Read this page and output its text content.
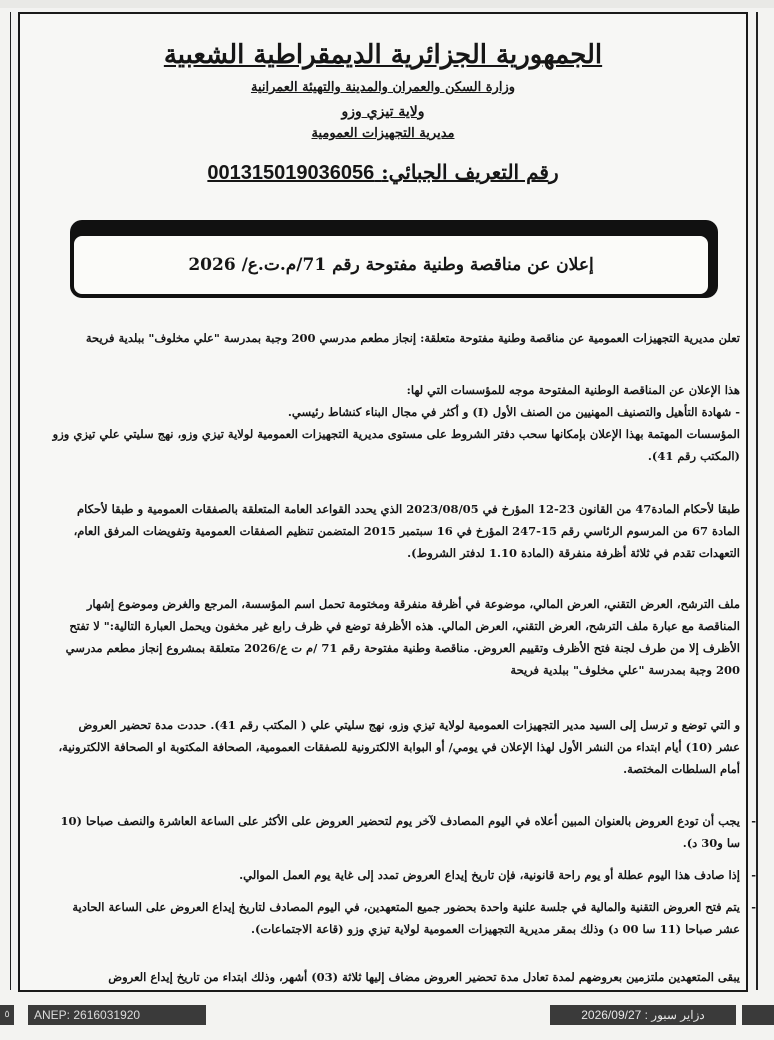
الجمهورية الجزائرية الديمقراطية الشعبية
وزارة السكن والعمران والمدينة والتهيئة العمرانية
ولاية تيزي وزو
مديرية التجهيزات العمومية
رقم التعريف الجبائي: 001315019036056
إعلان عن مناقصة وطنية مفتوحة رقم 71/م.ت.ع/ 2026

تعلن مديرية التجهيزات العمومية عن مناقصة وطنية مفتوحة متعلقة: إنجاز مطعم مدرسي 200 وجبة بمدرسة "علي مخلوف" ببلدية فريحة

هذا الإعلان عن المناقصة الوطنية المفتوحة موجه للمؤسسات التي لها:

- شهادة التأهيل والتصنيف المهنيين من الصنف الأول (I) و أكثر في مجال البناء كنشاط رئيسي.

المؤسسات المهتمة بهذا الإعلان بإمكانها سحب دفتر الشروط على مستوى مديرية التجهيزات العمومية لولاية تيزي وزو، نهج سليتي علي تيزي وزو (المكتب رقم 41).

طبقا لأحكام المادة47 من القانون 23-12 المؤرخ في 2023/08/05 الذي يحدد القواعد العامة المتعلقة بالصفقات العمومية و طبقا لأحكام المادة 67 من المرسوم الرئاسي رقم 15-247 المؤرخ في 16 سبتمبر 2015 المتضمن تنظيم الصفقات العمومية وتفويضات المرفق العام، التعهدات تقدم في ثلاثة أظرفة منفرقة (المادة 1.10 لدفتر الشروط).

ملف الترشح، العرض التقني، العرض المالي، موضوعة في أظرفة منفرقة ومختومة تحمل اسم المؤسسة، المرجع والغرض وموضوع إشهار المناقصة مع عبارة ملف الترشح، العرض التقني، العرض المالي. هذه الأظرفة توضع في ظرف رابع غير مخفون ويحمل العبارة التالية:" لا تفتح الأظرف إلا من طرف لجنة فتح الأظرف وتقييم العروض. مناقصة وطنية مفتوحة رقم 71 /م ت ع/2026 متعلقة بمشروع إنجاز مطعم مدرسي 200 وجبة بمدرسة "علي مخلوف" ببلدية فريحة

و التي توضع و ترسل إلى السيد مدير التجهيزات العمومية لولاية تيزي وزو، نهج سليتي علي ( المكتب رقم 41). حددت مدة تحضير العروض عشر (10) أيام ابتداء من النشر الأول لهذا الإعلان في يومي/ أو البوابة الالكترونية للصفقات العمومية، الصحافة المكتوبة او الصحافة الالكترونية، أمام السلطات المختصة.

- يجب أن تودع العروض بالعنوان المبين أعلاه في اليوم المصادف لآخر يوم لتحضير العروض على الأكثر على الساعة العاشرة والنصف صباحا (10 سا و30 د).
- إذا صادف هذا اليوم عطلة أو يوم راحة قانونية، فإن تاريخ إيداع العروض تمدد إلى غاية يوم العمل الموالي.
- يتم فتح العروض التقنية والمالية في جلسة علنية واحدة بحضور جميع المتعهدين، في اليوم المصادف لتاريخ إيداع العروض على الساعة الحادية عشر صباحا (11 سا 00 د) وذلك بمقر مديرية التجهيزات العمومية لولاية تيزي وزو (قاعة الاجتماعات).

يبقى المتعهدين ملتزمين بعروضهم لمدة تعادل مدة تحضير العروض مضاف إليها ثلاثة (03) أشهر، وذلك ابتداء من تاريخ إيداع العروض

٥	ANEP: 2616031920	دزاير سبور : 2026/09/27
